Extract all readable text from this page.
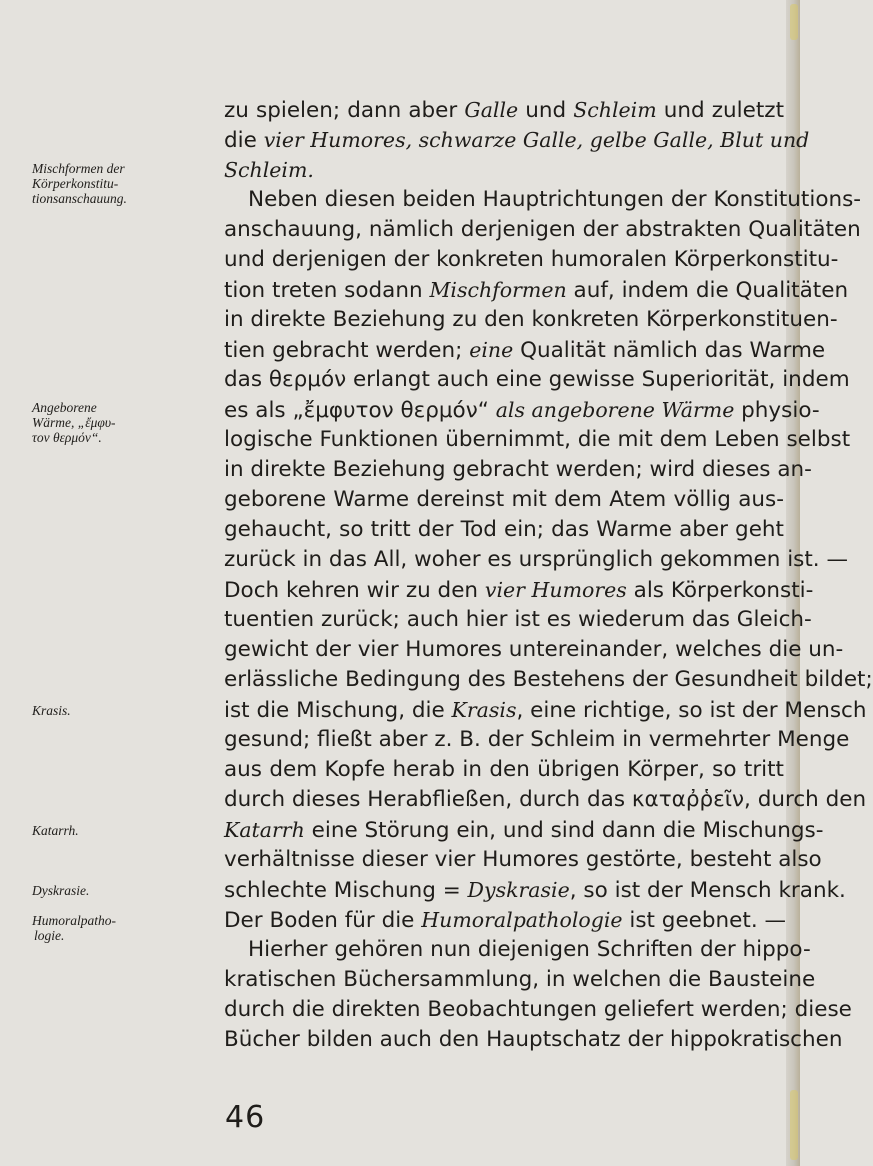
zu spielen; dann aber Galle und Schleim und zuletzt
die vier Humores, schwarze Galle, gelbe Galle, Blut und
Schleim.
Neben diesen beiden Hauptrichtungen der Konstitutions-
anschauung, nämlich derjenigen der abstrakten Qualitäten
und derjenigen der konkreten humoralen Körperkonstitu-
tion treten sodann Mischformen auf, indem die Qualitäten
in direkte Beziehung zu den konkreten Körperkonstituen-
tien gebracht werden; eine Qualität nämlich das Warme
das θερμόν erlangt auch eine gewisse Superiorität, indem
es als „ἔμφυτον θερμόν“ als angeborene Wärme physio-
logische Funktionen übernimmt, die mit dem Leben selbst
in direkte Beziehung gebracht werden; wird dieses an-
geborene Warme dereinst mit dem Atem völlig aus-
gehaucht, so tritt der Tod ein; das Warme aber geht
zurück in das All, woher es ursprünglich gekommen ist. —
Doch kehren wir zu den vier Humores als Körperkonsti-
tuentien zurück; auch hier ist es wiederum das Gleich-
gewicht der vier Humores untereinander, welches die un-
erlässliche Bedingung des Bestehens der Gesundheit bildet;
ist die Mischung, die Krasis, eine richtige, so ist der Mensch
gesund; fließt aber z. B. der Schleim in vermehrter Menge
aus dem Kopfe herab in den übrigen Körper, so tritt
durch dieses Herabfließen, durch das καταῤῥεῖν, durch den
Katarrh eine Störung ein, und sind dann die Mischungs-
verhältnisse dieser vier Humores gestörte, besteht also
schlechte Mischung = Dyskrasie, so ist der Mensch krank.
Der Boden für die Humoralpathologie ist geebnet. —
Hierher gehören nun diejenigen Schriften der hippo-
kratischen Büchersammlung, in welchen die Bausteine
durch die direkten Beobachtungen geliefert werden; diese
Bücher bilden auch den Hauptschatz der hippokratischen
Mischformen der
Körperkonstitu-
tionsanschauung.
Angeborene
Wärme, „ἔμφυ-
τον θερμόν“.
Krasis.
Katarrh.
Dyskrasie.
Humoralpatho-
logie.
46
